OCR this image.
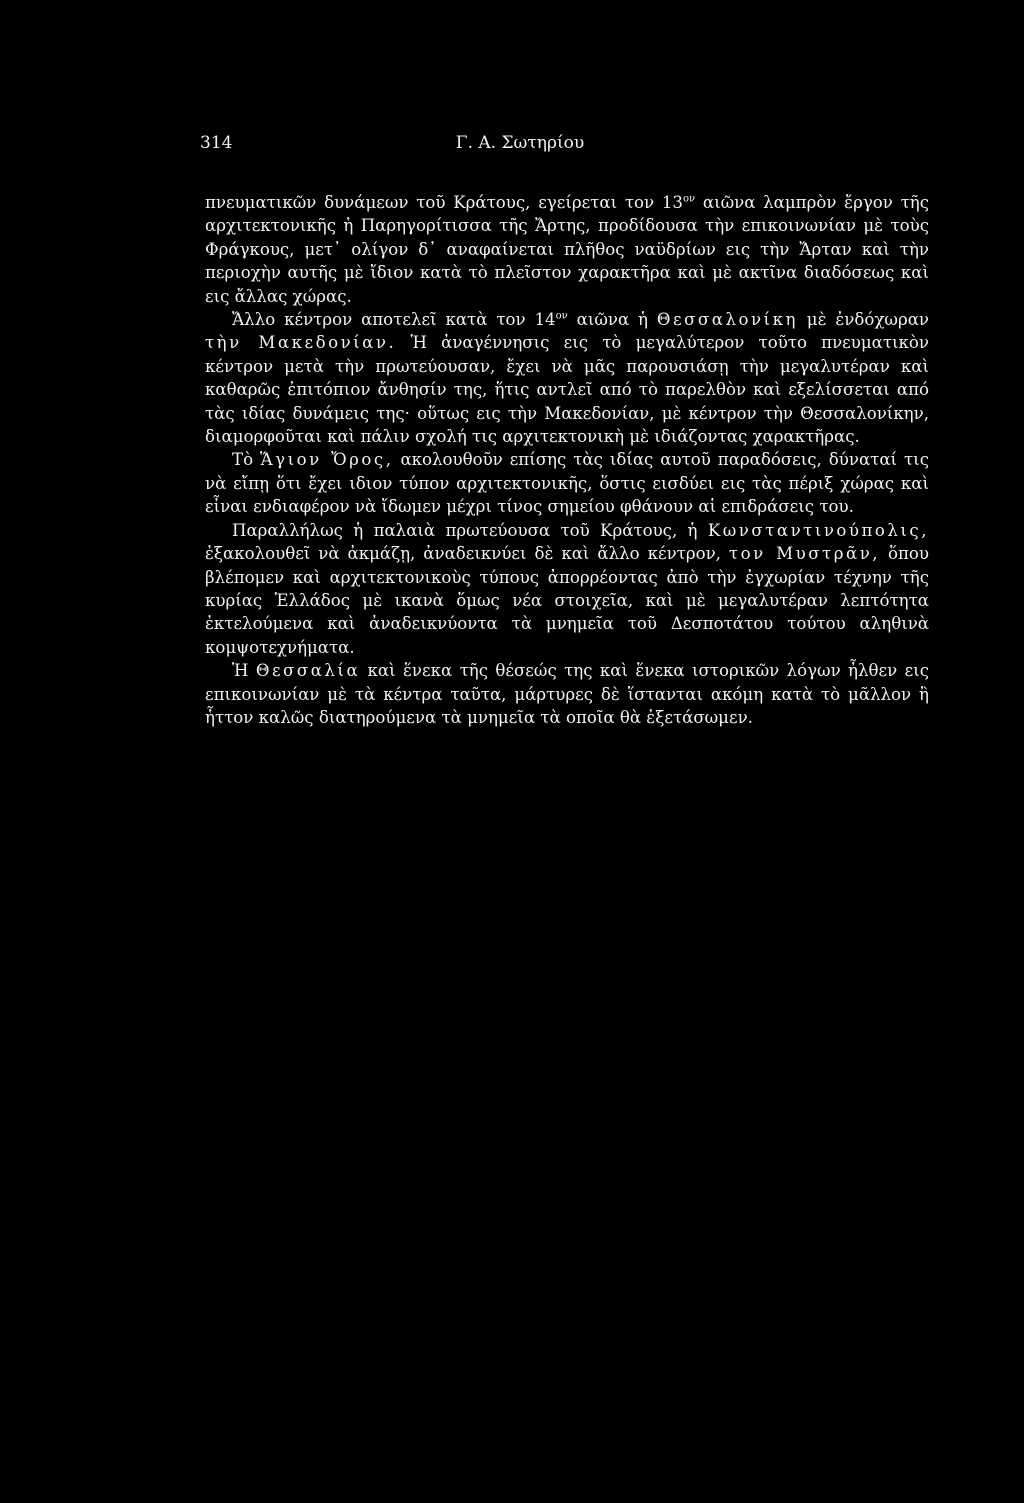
314	Γ. Α. Σωτηρίου

πνευματικῶν δυνάμεων τοῦ Κράτους, εγείρεται τον $13^{o\nu}$ αιῶνα λαμπρὸν ἔργον τῆς αρχιτεκτονικῆς ἡ Παρηγορίτισσα τῆς Ἄρτης, προδίδουσα τὴν επικοινωνίαν μὲ τοὺς Φράγκους, μετ᾽ ολίγον δ᾽ αναφαίνεται πλῆθος ναϋδρίων εις τὴν Ἄρταν καὶ τὴν περιοχὴν αυτῆς μὲ ἴδιον κατὰ τὸ πλεῖστον χαρακτῆρα καὶ μὲ ακτῖνα διαδόσεως καὶ εις ἄλλας χώρας.

Ἄλλο κέντρον αποτελεῖ κατὰ τον $14^{o\nu}$ αιῶνα ἡ Θεσσαλονίκη μὲ ἐνδόχωραν τὴν Μακεδονίαν. Ἡ ἀναγέννησις εις τὸ μεγαλύτερον τοῦτο πνευματικὸν κέντρον μετὰ τὴν πρωτεύουσαν, ἔχει νὰ μᾶς παρουσιάσῃ τὴν μεγαλυτέραν καὶ καθαρῶς ἐπιτόπιον ἄνθησίν της, ἥτις αντλεῖ από τὸ παρελθὸν καὶ εξελίσσεται από τὰς ιδίας δυνάμεις της· οὕτως εις τὴν Μακεδονίαν, μὲ κέντρον τὴν Θεσσαλονίκην, διαμορφοῦται καὶ πάλιν σχολή τις αρχιτεκτονικὴ μὲ ιδιάζοντας χαρακτῆρας.

Τὸ Ἅγιον Ὄρος, ακολουθοῦν επίσης τὰς ιδίας αυτοῦ παραδόσεις, δύναταί τις νὰ εἴπῃ ὅτι ἔχει ιδιον τύπον αρχιτεκτονικῆς, ὅστις εισδύει εις τὰς πέριξ χώρας καὶ εἶναι ενδιαφέρον νὰ ἴδωμεν μέχρι τίνος σημείου φθάνουν αἱ επιδράσεις του.

Παραλλήλως ἡ παλαιὰ πρωτεύουσα τοῦ Κράτους, ἡ Κωνσταντινούπολις, ἐξακολουθεῖ νὰ ἀκμάζῃ, ἀναδεικνύει δὲ καὶ ἄλλο κέντρον, τον Μυστρᾶν, ὅπου βλέπομεν καὶ αρχιτεκτονικοὺς τύπους ἀπορρέοντας ἀπὸ τὴν ἐγχωρίαν τέχνην τῆς κυρίας Ἑλλάδος μὲ ικανὰ ὅμως νέα στοιχεῖα, καὶ μὲ μεγαλυτέραν λεπτότητα ἐκτελούμενα καὶ ἀναδεικνύοντα τὰ μνημεῖα τοῦ Δεσποτάτου τούτου αληθινὰ κομψοτεχνήματα.

Ἡ Θεσσαλία καὶ ἕνεκα τῆς θέσεώς της καὶ ἕνεκα ιστορικῶν λόγων ἦλθεν εις επικοινωνίαν μὲ τὰ κέντρα ταῦτα, μάρτυρες δὲ ἵστανται ακόμη κατὰ τὸ μᾶλλον ἢ ἧττον καλῶς διατηρούμενα τὰ μνημεῖα τὰ οποῖα θὰ ἐξετάσωμεν.
